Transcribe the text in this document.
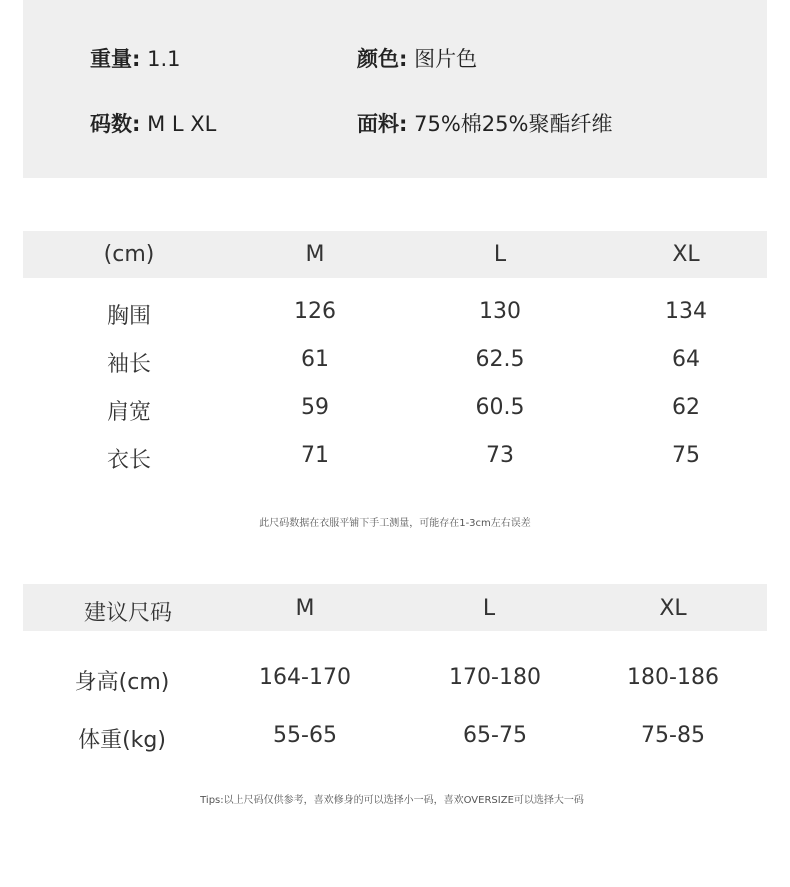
重量: 1.1	颜色: 图片色
码数: M L XL	面料: 75%棉25%聚酯纤维
(cm)	M	L	XL
胸围	126	130	134
袖长	61	62.5	64
肩宽	59	60.5	62
衣长	71	73	75
此尺码数据在衣服平铺下手工测量，可能存在1-3cm左右误差
建议尺码	M	L	XL
身高(cm)	164-170	170-180	180-186
体重(kg)	55-65	65-75	75-85
Tips:以上尺码仅供参考，喜欢修身的可以选择小一码，喜欢OVERSIZE可以选择大一码
